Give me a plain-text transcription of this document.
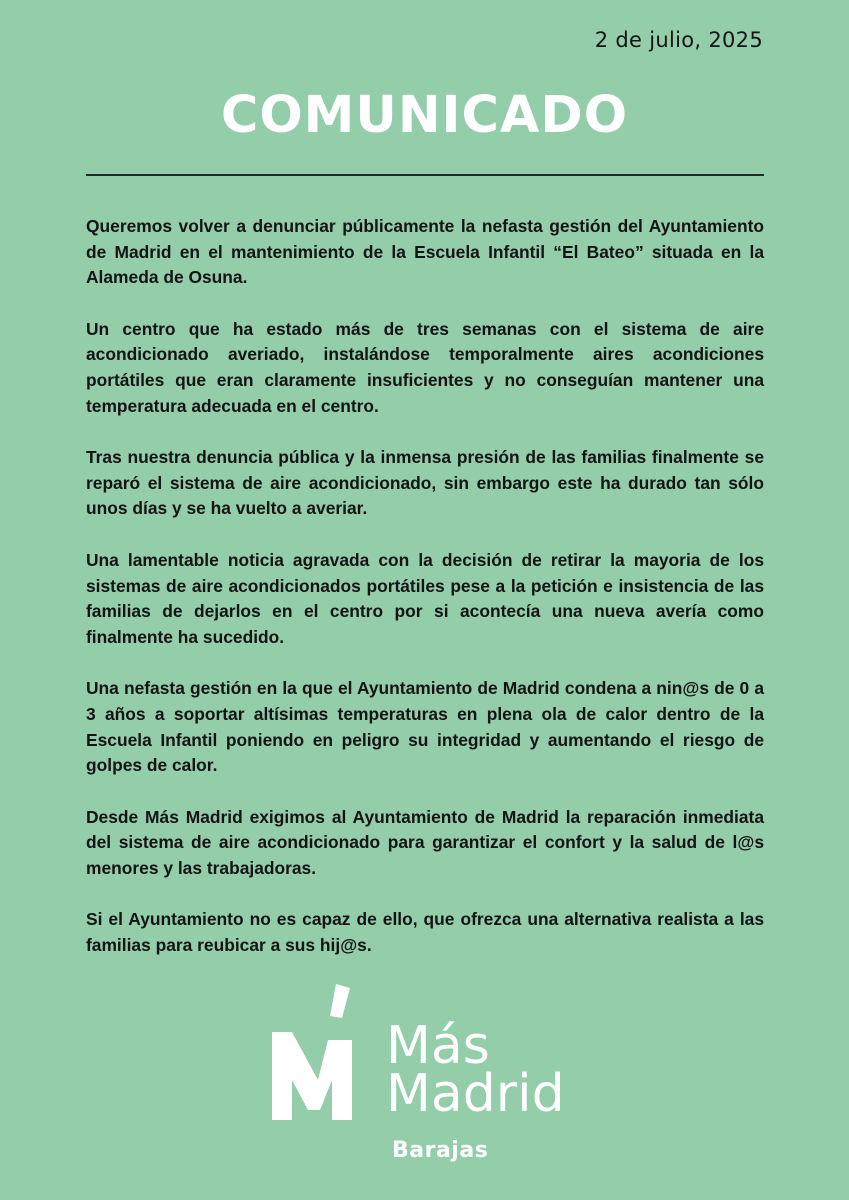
2 de julio, 2025
COMUNICADO

Queremos volver a denunciar públicamente la nefasta gestión del Ayuntamiento de Madrid en el mantenimiento de la Escuela Infantil “El Bateo” situada en la Alameda de Osuna.

Un centro que ha estado más de tres semanas con el sistema de aire acondicionado averiado, instalándose temporalmente aires acondiciones portátiles que eran claramente insuficientes y no conseguían mantener una temperatura adecuada en el centro.

Tras nuestra denuncia pública y la inmensa presión de las familias finalmente se reparó el sistema de aire acondicionado, sin embargo este ha durado tan sólo unos días y se ha vuelto a averiar.

Una lamentable noticia agravada con la decisión de retirar la mayoria de los sistemas de aire acondicionados portátiles pese a la petición e insistencia de las familias de dejarlos en el centro por si acontecía una nueva avería como finalmente ha sucedido.

Una nefasta gestión en la que el Ayuntamiento de Madrid condena a nin@s de 0 a 3 años a soportar altísimas temperaturas en plena ola de calor dentro de la Escuela Infantil poniendo en peligro su integridad y aumentando el riesgo de golpes de calor.

Desde Más Madrid exigimos al Ayuntamiento de Madrid la reparación inmediata del sistema de aire acondicionado para garantizar el confort y la salud de l@s menores y las trabajadoras.

Si el Ayuntamiento no es capaz de ello, que ofrezca una alternativa realista a las familias para reubicar a sus hij@s.

Más
Madrid
Barajas
